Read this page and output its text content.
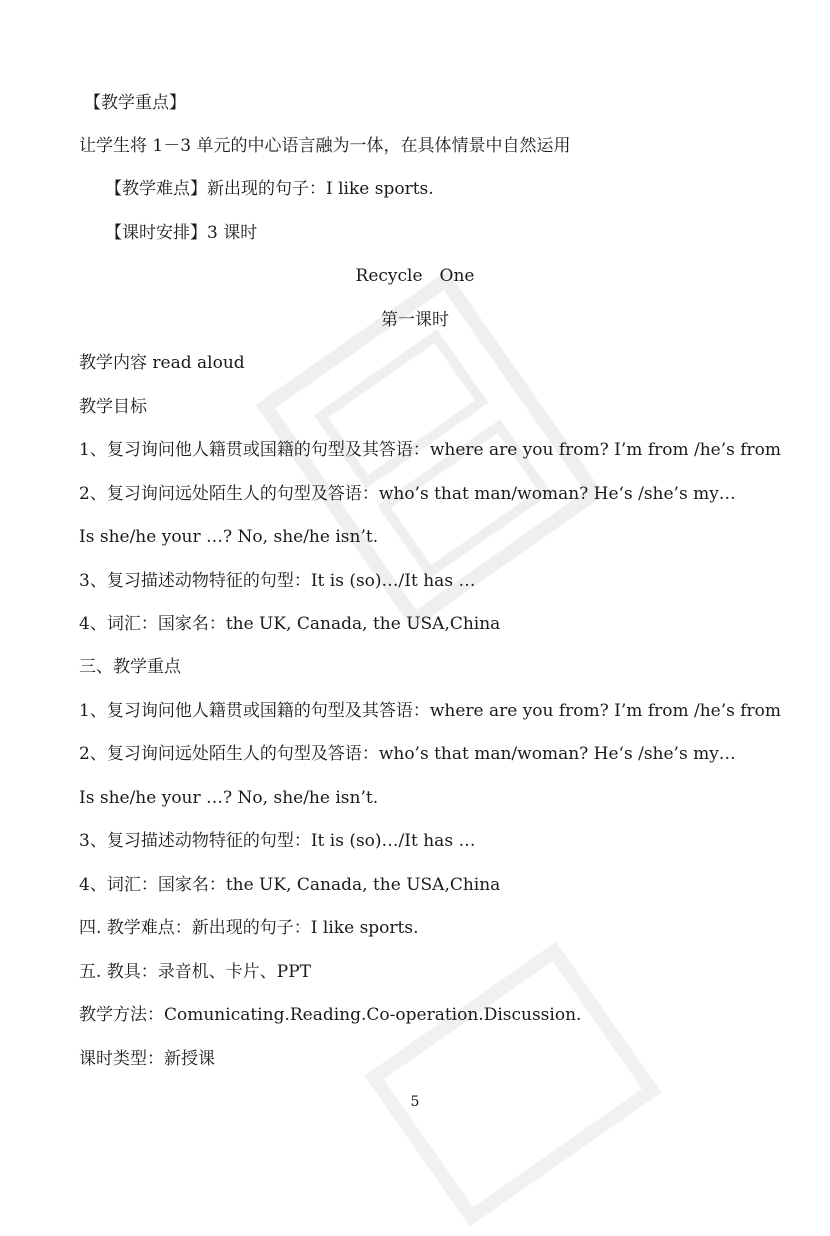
【教学重点】
让学生将 1－3 单元的中心语言融为一体，在具体情景中自然运用
【教学难点】新出现的句子：I like sports.
【课时安排】3 课时
Recycle　One
第一课时
教学内容 read aloud
教学目标
1、复习询问他人籍贯或国籍的句型及其答语：where are you from? I’m from /he’s from
2、复习询问远处陌生人的句型及答语：who’s that man/woman? He‘s /she’s my…
Is she/he your …? No, she/he isn’t.
3、复习描述动物特征的句型：It is (so)…/It has …
4、词汇：国家名：the UK, Canada, the USA,China
三、教学重点
1、复习询问他人籍贯或国籍的句型及其答语：where are you from? I’m from /he’s from
2、复习询问远处陌生人的句型及答语：who’s that man/woman? He‘s /she’s my…
Is she/he your …? No, she/he isn’t.
3、复习描述动物特征的句型：It is (so)…/It has …
4、词汇：国家名：the UK, Canada, the USA,China
四. 教学难点：新出现的句子：I like sports.
五. 教具：录音机、卡片、PPT
教学方法：Comunicating.Reading.Co-operation.Discussion.
课时类型：新授课
5
